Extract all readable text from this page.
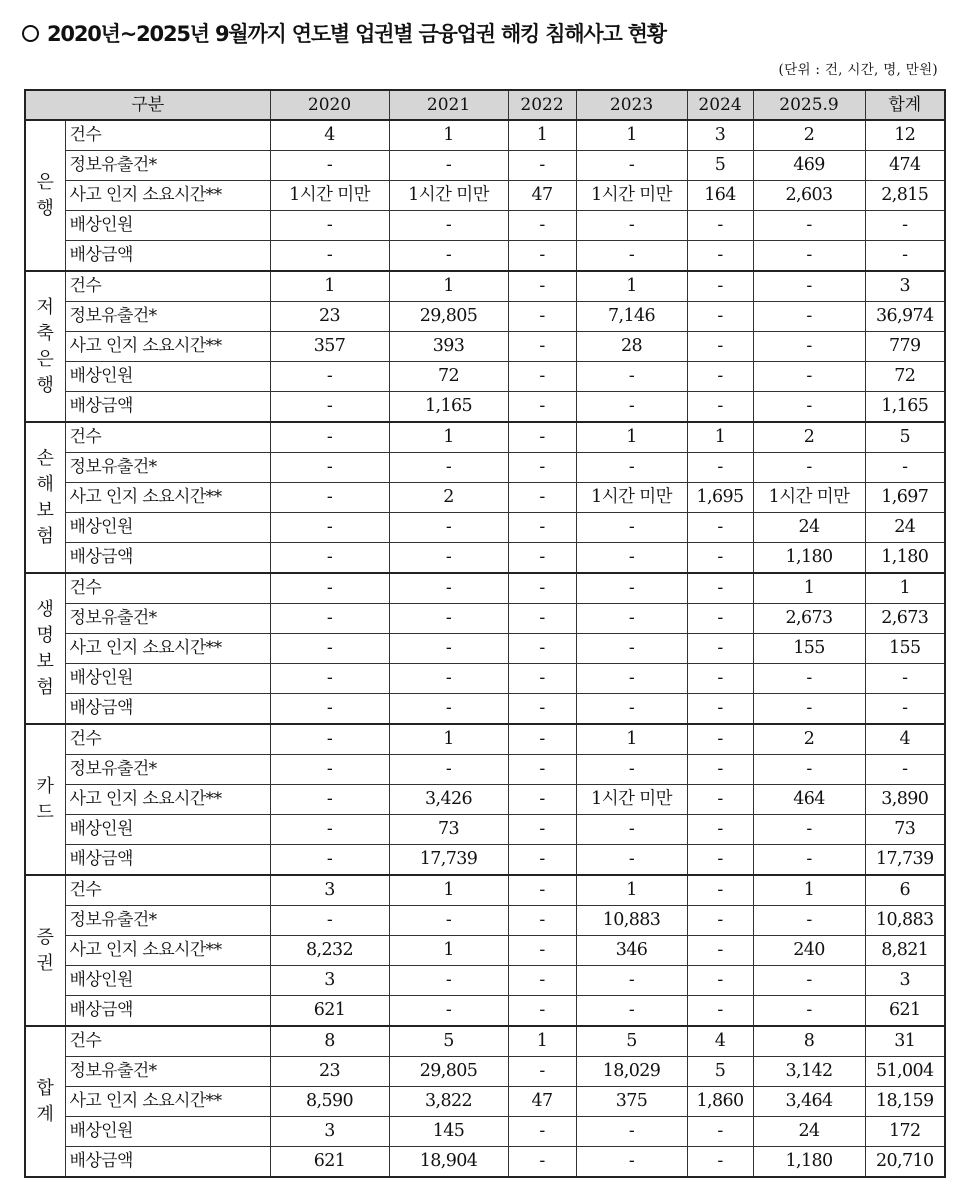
2020년~2025년 9월까지 연도별 업권별 금융업권 해킹 침해사고 현황
(단위 : 건, 시간, 명, 만원)
구분		2020	2021	2022	2023	2024	2025.9	합계
은행	건수	4	1	1	1	3	2	12
	정보유출건*	-	-	-	-	5	469	474
	사고 인지 소요시간**	1시간 미만	1시간 미만	47	1시간 미만	164	2,603	2,815
	배상인원	-	-	-	-	-	-	-
	배상금액	-	-	-	-	-	-	-
저축은행	건수	1	1	-	1	-	-	3
	정보유출건*	23	29,805	-	7,146	-	-	36,974
	사고 인지 소요시간**	357	393	-	28	-	-	779
	배상인원	-	72	-	-	-	-	72
	배상금액	-	1,165	-	-	-	-	1,165
손해보험	건수	-	1	-	1	1	2	5
	정보유출건*	-	-	-	-	-	-	-
	사고 인지 소요시간**	-	2	-	1시간 미만	1,695	1시간 미만	1,697
	배상인원	-	-	-	-	-	24	24
	배상금액	-	-	-	-	-	1,180	1,180
생명보험	건수	-	-	-	-	-	1	1
	정보유출건*	-	-	-	-	-	2,673	2,673
	사고 인지 소요시간**	-	-	-	-	-	155	155
	배상인원	-	-	-	-	-	-	-
	배상금액	-	-	-	-	-	-	-
카드	건수	-	1	-	1	-	2	4
	정보유출건*	-	-	-	-	-	-	-
	사고 인지 소요시간**	-	3,426	-	1시간 미만	-	464	3,890
	배상인원	-	73	-	-	-	-	73
	배상금액	-	17,739	-	-	-	-	17,739
증권	건수	3	1	-	1	-	1	6
	정보유출건*	-	-	-	10,883	-	-	10,883
	사고 인지 소요시간**	8,232	1	-	346	-	240	8,821
	배상인원	3	-	-	-	-	-	3
	배상금액	621	-	-	-	-	-	621
합계	건수	8	5	1	5	4	8	31
	정보유출건*	23	29,805	-	18,029	5	3,142	51,004
	사고 인지 소요시간**	8,590	3,822	47	375	1,860	3,464	18,159
	배상인원	3	145	-	-	-	24	172
	배상금액	621	18,904	-	-	-	1,180	20,710
